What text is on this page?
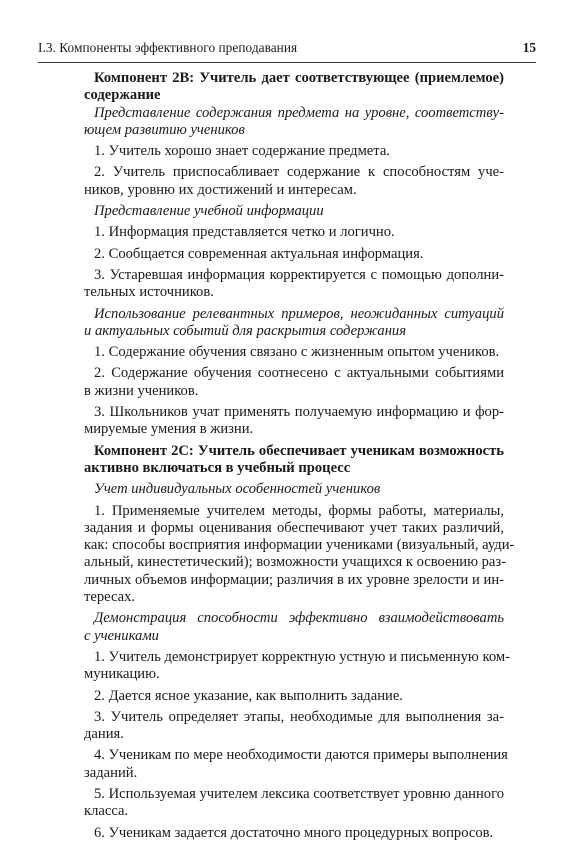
I.3. Компоненты эффективного преподавания	15
Компонент 2B: Учитель дает соответствующее (приемлемое)
содержание
Представление содержания предмета на уровне, соответству-
ющем развитию учеников
1. Учитель хорошо знает содержание предмета.
2. Учитель приспосабливает содержание к способностям уче-
ников, уровню их достижений и интересам.
Представление учебной информации
1. Информация представляется четко и логично.
2. Сообщается современная актуальная информация.
3. Устаревшая информация корректируется с помощью дополни-
тельных источников.
Использование релевантных примеров, неожиданных ситуаций
и актуальных событий для раскрытия содержания
1. Содержание обучения связано с жизненным опытом учеников.
2. Содержание обучения соотнесено с актуальными событиями
в жизни учеников.
3. Школьников учат применять получаемую информацию и фор-
мируемые умения в жизни.
Компонент 2С: Учитель обеспечивает ученикам возможность
активно включаться в учебный процесс
Учет индивидуальных особенностей учеников
1. Применяемые учителем методы, формы работы, материалы,
задания и формы оценивания обеспечивают учет таких различий,
как: способы восприятия информации учениками (визуальный, ауди-
альный, кинестетический); возможности учащихся к освоению раз-
личных объемов информации; различия в их уровне зрелости и ин-
тересах.
Демонстрация способности эффективно взаимодействовать
с учениками
1. Учитель демонстрирует корректную устную и письменную ком-
муникацию.
2. Дается ясное указание, как выполнить задание.
3. Учитель определяет этапы, необходимые для выполнения за-
дания.
4. Ученикам по мере необходимости даются примеры выполнения
заданий.
5. Используемая учителем лексика соответствует уровню данного
класса.
6. Ученикам задается достаточно много процедурных вопросов.
